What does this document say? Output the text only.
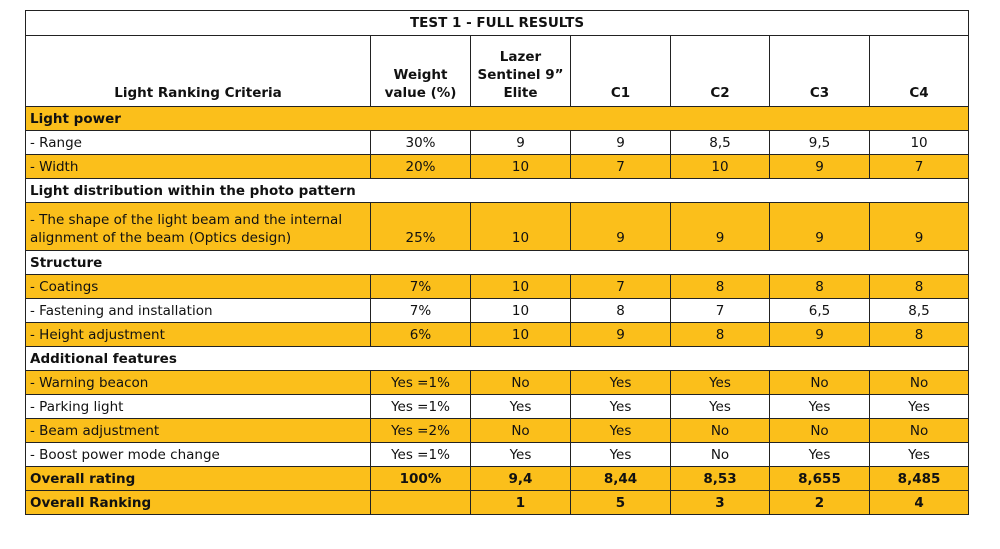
TEST 1 - FULL RESULTS						
Light Ranking Criteria	Weight value (%)	Lazer Sentinel 9” Elite	C1	C2	C3	C4
Light power						
- Range	30%	9	9	8,5	9,5	10
- Width	20%	10	7	10	9	7
Light distribution within the photo pattern						
- The shape of the light beam and the internal alignment of the beam (Optics design)	25%	10	9	9	9	9
Structure						
- Coatings	7%	10	7	8	8	8
- Fastening and installation	7%	10	8	7	6,5	8,5
- Height adjustment	6%	10	9	8	9	8
Additional features						
- Warning beacon	Yes =1%	No	Yes	Yes	No	No
- Parking light	Yes =1%	Yes	Yes	Yes	Yes	Yes
- Beam adjustment	Yes =2%	No	Yes	No	No	No
- Boost power mode change	Yes =1%	Yes	Yes	No	Yes	Yes
Overall rating	100%	9,4	8,44	8,53	8,655	8,485
Overall Ranking		1	5	3	2	4
